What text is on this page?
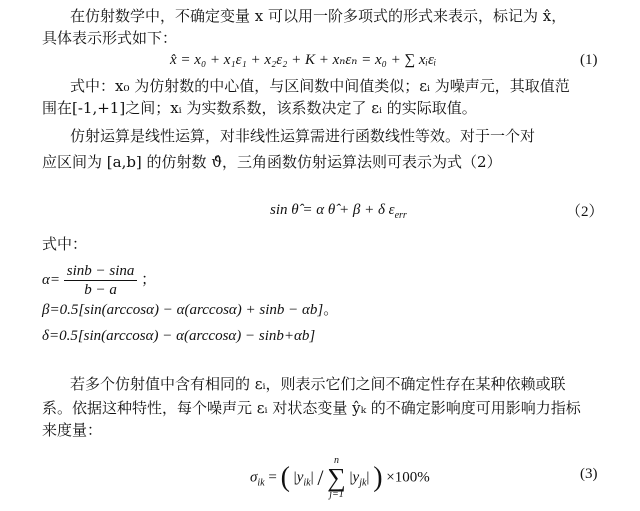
在仿射数学中，不确定变量 x 可以用一阶多项式的形式来表示，标记为 x̂，
具体表示形式如下：
x̂ = x₀ + x₁ε₁ + x₂ε₂ + K + xₙεₙ = x₀ + ∑ xᵢεᵢ	(1)
式中：x₀ 为仿射数的中心值，与区间数中间值类似；εᵢ 为噪声元，其取值范
围在[-1,+1]之间；xᵢ 为实数系数，该系数决定了 εᵢ 的实际取值。
仿射运算是线性运算，对非线性运算需进行函数线性等效。对于一个对
应区间为 [a,b] 的仿射数 ϑ̂，三角函数仿射运算法则可表示为式（2）
sin θ̂ = α θ̂ + β + δ $\varepsilon_{err}$	（2）
式中：
$\alpha= \frac{\sin b - \sin a}{b - a}$ ；
β=0.5[sin(arccosα) − α(arccosα) + sinb − αb]。
δ=0.5[sin(arccosα) − α(arccosα) − sinb+αb]
若多个仿射值中含有相同的 εᵢ，则表示它们之间不确定性存在某种依赖或联
系。依据这种特性，每个噪声元 εᵢ 对状态变量 ŷₖ 的不确定影响度可用影响力指标
来度量：
$\sigma_{ik}$ = ( $|y_{ik}|$ /
n
∑
j=1
$|y_{jk}|$ ) ×100%	(3)
